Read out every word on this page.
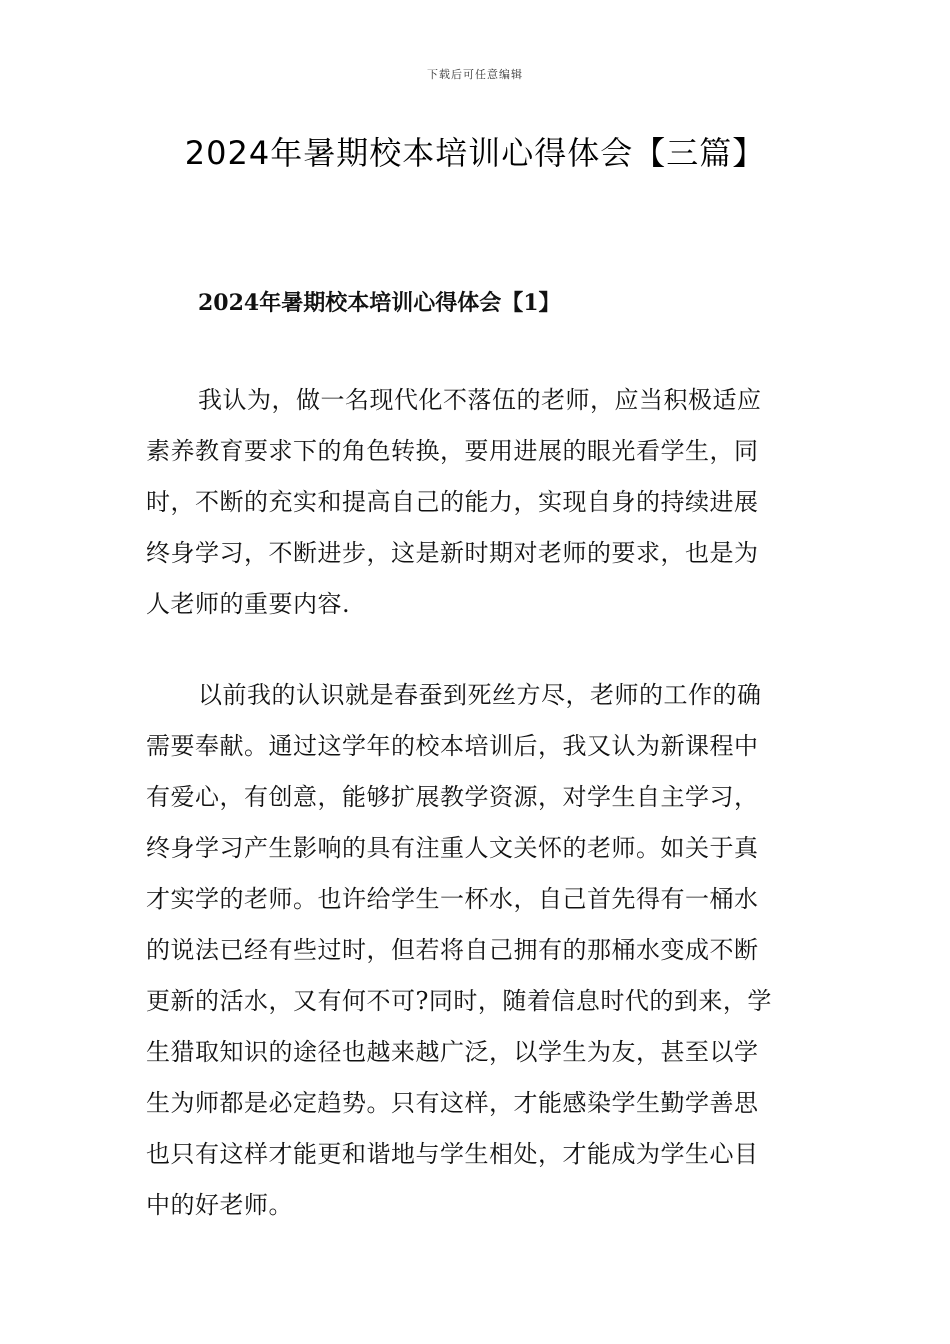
下载后可任意编辑
2024年暑期校本培训心得体会【三篇】
2024年暑期校本培训心得体会【1】

我认为，做一名现代化不落伍的老师，应当积极适应
素养教育要求下的角色转换，要用进展的眼光看学生，同
时，不断的充实和提高自己的能力，实现自身的持续进展
终身学习，不断进步，这是新时期对老师的要求，也是为
人老师的重要内容.

以前我的认识就是春蚕到死丝方尽，老师的工作的确
需要奉献。通过这学年的校本培训后，我又认为新课程中
有爱心，有创意，能够扩展教学资源，对学生自主学习，
终身学习产生影响的具有注重人文关怀的老师。如关于真
才实学的老师。也许给学生一杯水，自己首先得有一桶水
的说法已经有些过时，但若将自己拥有的那桶水变成不断
更新的活水，又有何不可?同时，随着信息时代的到来，学
生猎取知识的途径也越来越广泛，以学生为友，甚至以学
生为师都是必定趋势。只有这样，才能感染学生勤学善思
也只有这样才能更和谐地与学生相处，才能成为学生心目
中的好老师。
